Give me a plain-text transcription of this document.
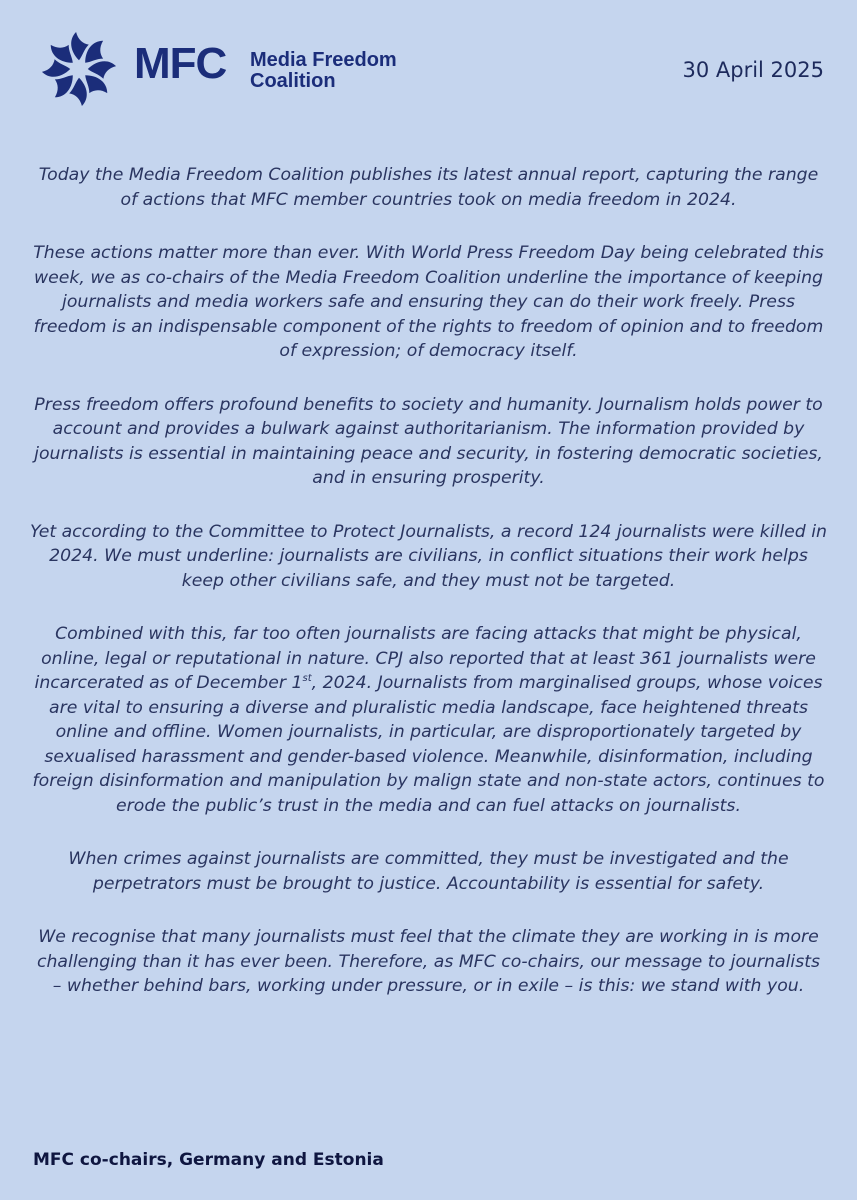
MFC Media Freedom
Coalition	30 April 2025

Today the Media Freedom Coalition publishes its latest annual report, capturing the range of actions that MFC member countries took on media freedom in 2024.

These actions matter more than ever. With World Press Freedom Day being celebrated this week, we as co-chairs of the Media Freedom Coalition underline the importance of keeping journalists and media workers safe and ensuring they can do their work freely. Press freedom is an indispensable component of the rights to freedom of opinion and to freedom of expression; of democracy itself.

Press freedom offers profound benefits to society and humanity. Journalism holds power to account and provides a bulwark against authoritarianism. The information provided by journalists is essential in maintaining peace and security, in fostering democratic societies, and in ensuring prosperity.

Yet according to the Committee to Protect Journalists, a record 124 journalists were killed in 2024. We must underline: journalists are civilians, in conflict situations their work helps keep other civilians safe, and they must not be targeted.

Combined with this, far too often journalists are facing attacks that might be physical, online, legal or reputational in nature. CPJ also reported that at least 361 journalists were incarcerated as of December 1st, 2024. Journalists from marginalised groups, whose voices are vital to ensuring a diverse and pluralistic media landscape, face heightened threats online and offline. Women journalists, in particular, are disproportionately targeted by sexualised harassment and gender-based violence. Meanwhile, disinformation, including foreign disinformation and manipulation by malign state and non-state actors, continues to erode the public’s trust in the media and can fuel attacks on journalists.

When crimes against journalists are committed, they must be investigated and the perpetrators must be brought to justice. Accountability is essential for safety.

We recognise that many journalists must feel that the climate they are working in is more challenging than it has ever been. Therefore, as MFC co-chairs, our message to journalists – whether behind bars, working under pressure, or in exile – is this: we stand with you.

MFC co-chairs, Germany and Estonia
